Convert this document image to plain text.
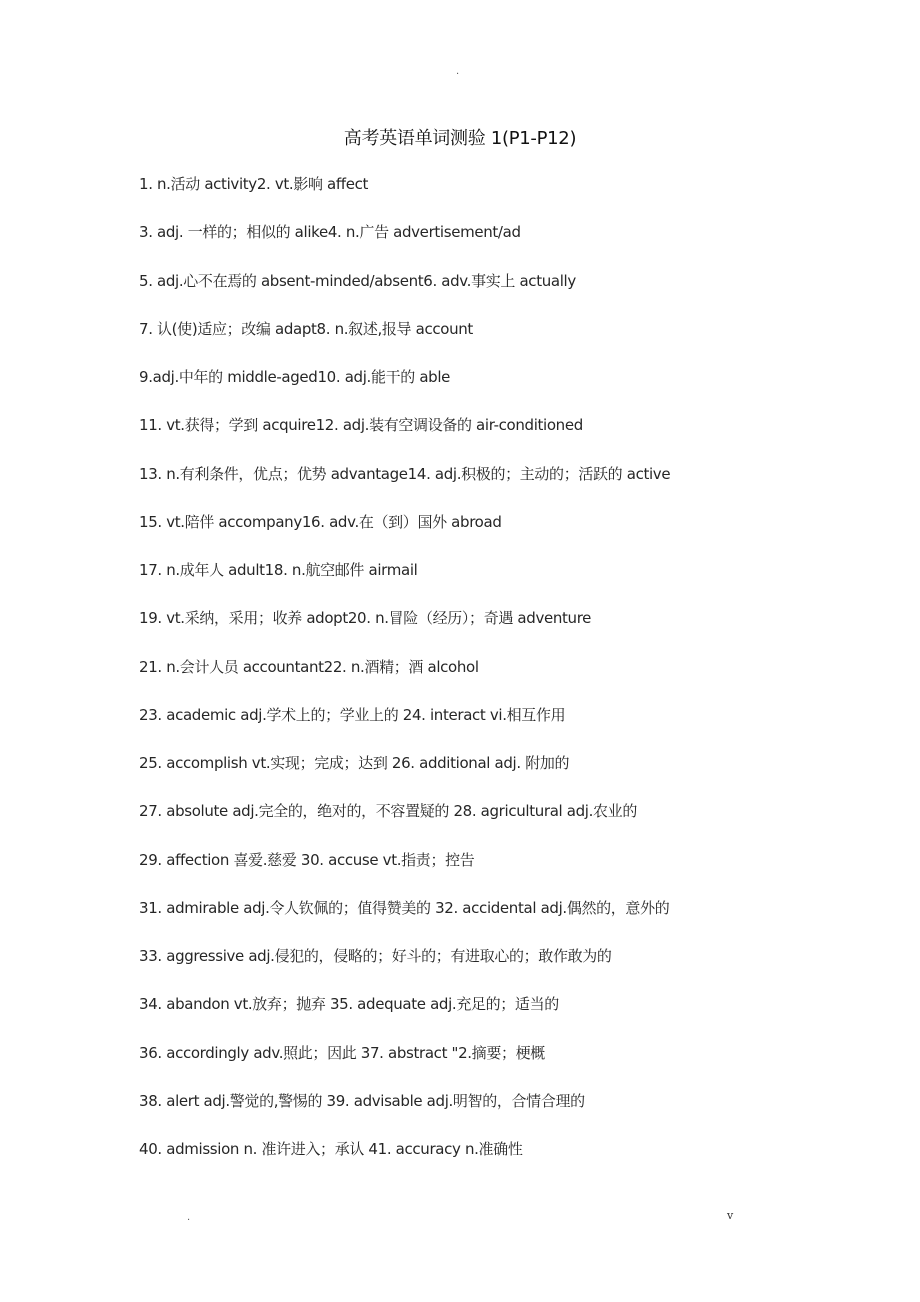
.
高考英语单词测验 1(P1-P12)
1. n.活动 activity2. vt.影响 affect
3. adj. 一样的；相似的 alike4. n.广告 advertisement/ad
5. adj.心不在焉的 absent-minded/absent6. adv.事实上 actually
7. 认(使)适应；改编 adapt8. n.叙述,报导 account
9.adj.中年的 middle-aged10. adj.能干的 able
11. vt.获得；学到 acquire12. adj.装有空调设备的 air-conditioned
13. n.有利条件，优点；优势 advantage14. adj.积极的；主动的；活跃的 active
15. vt.陪伴 accompany16. adv.在（到）国外 abroad
17. n.成年人 adult18. n.航空邮件 airmail
19. vt.采纳，采用；收养 adopt20. n.冒险（经历）；奇遇 adventure
21. n.会计人员 accountant22. n.酒精；酒 alcohol
23. academic adj.学术上的；学业上的 24. interact vi.相互作用
25. accomplish vt.实现；完成；达到 26. additional adj. 附加的
27. absolute adj.完全的，绝对的，不容置疑的 28. agricultural adj.农业的
29. affection 喜爱.慈爱 30. accuse vt.指责；控告
31. admirable adj.令人钦佩的；值得赞美的 32. accidental adj.偶然的，意外的
33. aggressive adj.侵犯的，侵略的；好斗的；有进取心的；敢作敢为的
34. abandon vt.放弃；抛弃 35. adequate adj.充足的；适当的
36. accordingly adv.照此；因此 37. abstract "2.摘要；梗概
38. alert adj.警觉的,警惕的 39. advisable adj.明智的，合情合理的
40. admission n. 准许进入；承认 41. accuracy n.准确性
.	v
